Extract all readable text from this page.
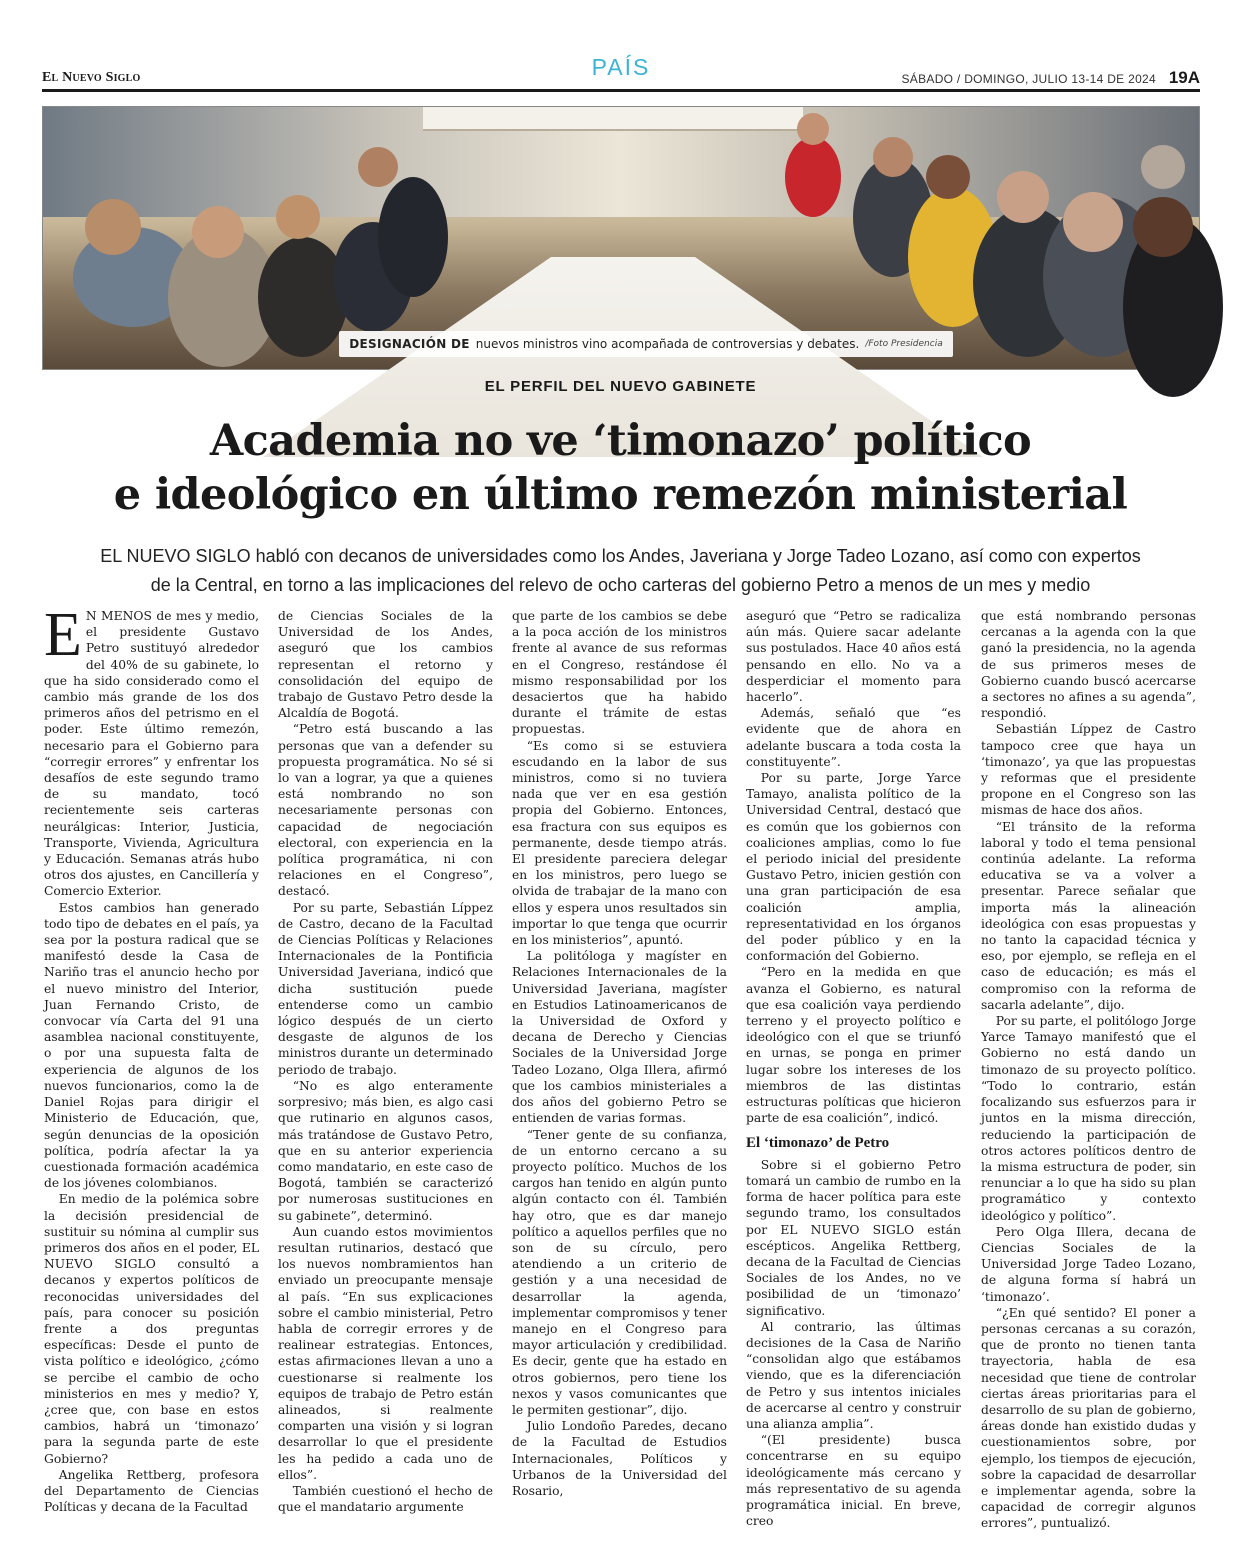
El Nuevo Siglo	PAÍS	SÁBADO / DOMINGO, JULIO 13-14 DE 2024 19A
DESIGNACIÓN DE nuevos ministros vino acompañada de controversias y debates. /Foto Presidencia
EL PERFIL DEL NUEVO GABINETE
Academia no ve ‘timonazo’ político
e ideológico en último remezón ministerial
EL NUEVO SIGLO habló con decanos de universidades como los Andes, Javeriana y Jorge Tadeo Lozano, así como con expertos
de la Central, en torno a las implicaciones del relevo de ocho carteras del gobierno Petro a menos de un mes y medio

E N MENOS de mes y medio, el presidente Gustavo Petro sustituyó alrededor del 40% de su gabinete, lo que ha sido considerado como el cambio más grande de los dos primeros años del petrismo en el poder. Este último remezón, necesario para el Gobierno para “corregir errores” y enfrentar los desafíos de este segundo tramo de su mandato, tocó recientemente seis carteras neurálgicas: Interior, Justicia, Transporte, Vivienda, Agricultura y Educación. Semanas atrás hubo otros dos ajustes, en Cancillería y Comercio Exterior.

Estos cambios han generado todo tipo de debates en el país, ya sea por la postura radical que se manifestó desde la Casa de Nariño tras el anuncio hecho por el nuevo ministro del Interior, Juan Fernando Cristo, de convocar vía Carta del 91 una asamblea nacional constituyente, o por una supuesta falta de experiencia de algunos de los nuevos funcionarios, como la de Daniel Rojas para dirigir el Ministerio de Educación, que, según denuncias de la oposición política, podría afectar la ya cuestionada formación académica de los jóvenes colombianos.

En medio de la polémica sobre la decisión presidencial de sustituir su nómina al cumplir sus primeros dos años en el poder, EL NUEVO SIGLO consultó a decanos y expertos políticos de reconocidas universidades del país, para conocer su posición frente a dos preguntas específicas: Desde el punto de vista político e ideológico, ¿cómo se percibe el cambio de ocho ministerios en mes y medio? Y, ¿cree que, con base en estos cambios, habrá un ‘timonazo’ para la segunda parte de este Gobierno?

Angelika Rettberg, profesora del Departamento de Ciencias Políticas y decana de la Facultad

de Ciencias Sociales de la Universidad de los Andes, aseguró que los cambios representan el retorno y consolidación del equipo de trabajo de Gustavo Petro desde la Alcaldía de Bogotá.

“Petro está buscando a las personas que van a defender su propuesta programática. No sé si lo van a lograr, ya que a quienes está nombrando no son necesariamente personas con capacidad de negociación electoral, con experiencia en la política programática, ni con relaciones en el Congreso”, destacó.

Por su parte, Sebastián Líppez de Castro, decano de la Facultad de Ciencias Políticas y Relaciones Internacionales de la Pontificia Universidad Javeriana, indicó que dicha sustitución puede entenderse como un cambio lógico después de un cierto desgaste de algunos de los ministros durante un determinado periodo de trabajo.

“No es algo enteramente sorpresivo; más bien, es algo casi que rutinario en algunos casos, más tratándose de Gustavo Petro, que en su anterior experiencia como mandatario, en este caso de Bogotá, también se caracterizó por numerosas sustituciones en su gabinete”, determinó.

Aun cuando estos movimientos resultan rutinarios, destacó que los nuevos nombramientos han enviado un preocupante mensaje al país. “En sus explicaciones sobre el cambio ministerial, Petro habla de corregir errores y de realinear estrategias. Entonces, estas afirmaciones llevan a uno a cuestionarse si realmente los equipos de trabajo de Petro están alineados, si realmente comparten una visión y si logran desarrollar lo que el presidente les ha pedido a cada uno de ellos”.

También cuestionó el hecho de que el mandatario argumente

que parte de los cambios se debe a la poca acción de los ministros frente al avance de sus reformas en el Congreso, restándose él mismo responsabilidad por los desaciertos que ha habido durante el trámite de estas propuestas.

“Es como si se estuviera escudando en la labor de sus ministros, como si no tuviera nada que ver en esa gestión propia del Gobierno. Entonces, esa fractura con sus equipos es permanente, desde tiempo atrás. El presidente pareciera delegar en los ministros, pero luego se olvida de trabajar de la mano con ellos y espera unos resultados sin importar lo que tenga que ocurrir en los ministerios”, apuntó.

La politóloga y magíster en Relaciones Internacionales de la Universidad Javeriana, magíster en Estudios Latinoamericanos de la Universidad de Oxford y decana de Derecho y Ciencias Sociales de la Universidad Jorge Tadeo Lozano, Olga Illera, afirmó que los cambios ministeriales a dos años del gobierno Petro se entienden de varias formas.

“Tener gente de su confianza, de un entorno cercano a su proyecto político. Muchos de los cargos han tenido en algún punto algún contacto con él. También hay otro, que es dar manejo político a aquellos perfiles que no son de su círculo, pero atendiendo a un criterio de gestión y a una necesidad de desarrollar la agenda, implementar compromisos y tener manejo en el Congreso para mayor articulación y credibilidad. Es decir, gente que ha estado en otros gobiernos, pero tiene los nexos y vasos comunicantes que le permiten gestionar”, dijo.

Julio Londoño Paredes, decano de la Facultad de Estudios Internacionales, Políticos y Urbanos de la Universidad del Rosario,

aseguró que “Petro se radicaliza aún más. Quiere sacar adelante sus postulados. Hace 40 años está pensando en ello. No va a desperdiciar el momento para hacerlo”.

Además, señaló que “es evidente que de ahora en adelante buscara a toda costa la constituyente”.

Por su parte, Jorge Yarce Tamayo, analista político de la Universidad Central, destacó que es común que los gobiernos con coaliciones amplias, como lo fue el periodo inicial del presidente Gustavo Petro, inicien gestión con una gran participación de esa coalición amplia, representatividad en los órganos del poder público y en la conformación del Gobierno.

“Pero en la medida en que avanza el Gobierno, es natural que esa coalición vaya perdiendo terreno y el proyecto político e ideológico con el que se triunfó en urnas, se ponga en primer lugar sobre los intereses de los miembros de las distintas estructuras políticas que hicieron parte de esa coalición”, indicó.

El ‘timonazo’ de Petro

Sobre si el gobierno Petro tomará un cambio de rumbo en la forma de hacer política para este segundo tramo, los consultados por EL NUEVO SIGLO están escépticos. Angelika Rettberg, decana de la Facultad de Ciencias Sociales de los Andes, no ve posibilidad de un ‘timonazo’ significativo.

Al contrario, las últimas decisiones de la Casa de Nariño “consolidan algo que estábamos viendo, que es la diferenciación de Petro y sus intentos iniciales de acercarse al centro y construir una alianza amplia”.

“(El presidente) busca concentrarse en su equipo ideológicamente más cercano y más representativo de su agenda programática inicial. En breve, creo

que está nombrando personas cercanas a la agenda con la que ganó la presidencia, no la agenda de sus primeros meses de Gobierno cuando buscó acercarse a sectores no afines a su agenda”, respondió.

Sebastián Líppez de Castro tampoco cree que haya un ‘timonazo’, ya que las propuestas y reformas que el presidente propone en el Congreso son las mismas de hace dos años.

“El tránsito de la reforma laboral y todo el tema pensional continúa adelante. La reforma educativa se va a volver a presentar. Parece señalar que importa más la alineación ideológica con esas propuestas y no tanto la capacidad técnica y eso, por ejemplo, se refleja en el caso de educación; es más el compromiso con la reforma de sacarla adelante”, dijo.

Por su parte, el politólogo Jorge Yarce Tamayo manifestó que el Gobierno no está dando un timonazo de su proyecto político. “Todo lo contrario, están focalizando sus esfuerzos para ir juntos en la misma dirección, reduciendo la participación de otros actores políticos dentro de la misma estructura de poder, sin renunciar a lo que ha sido su plan programático y contexto ideológico y político”.

Pero Olga Illera, decana de Ciencias Sociales de la Universidad Jorge Tadeo Lozano, de alguna forma sí habrá un ‘timonazo’.

“¿En qué sentido? El poner a personas cercanas a su corazón, que de pronto no tienen tanta trayectoria, habla de esa necesidad que tiene de controlar ciertas áreas prioritarias para el desarrollo de su plan de gobierno, áreas donde han existido dudas y cuestionamientos sobre, por ejemplo, los tiempos de ejecución, sobre la capacidad de desarrollar e implementar agenda, sobre la capacidad de corregir algunos errores”, puntualizó.
